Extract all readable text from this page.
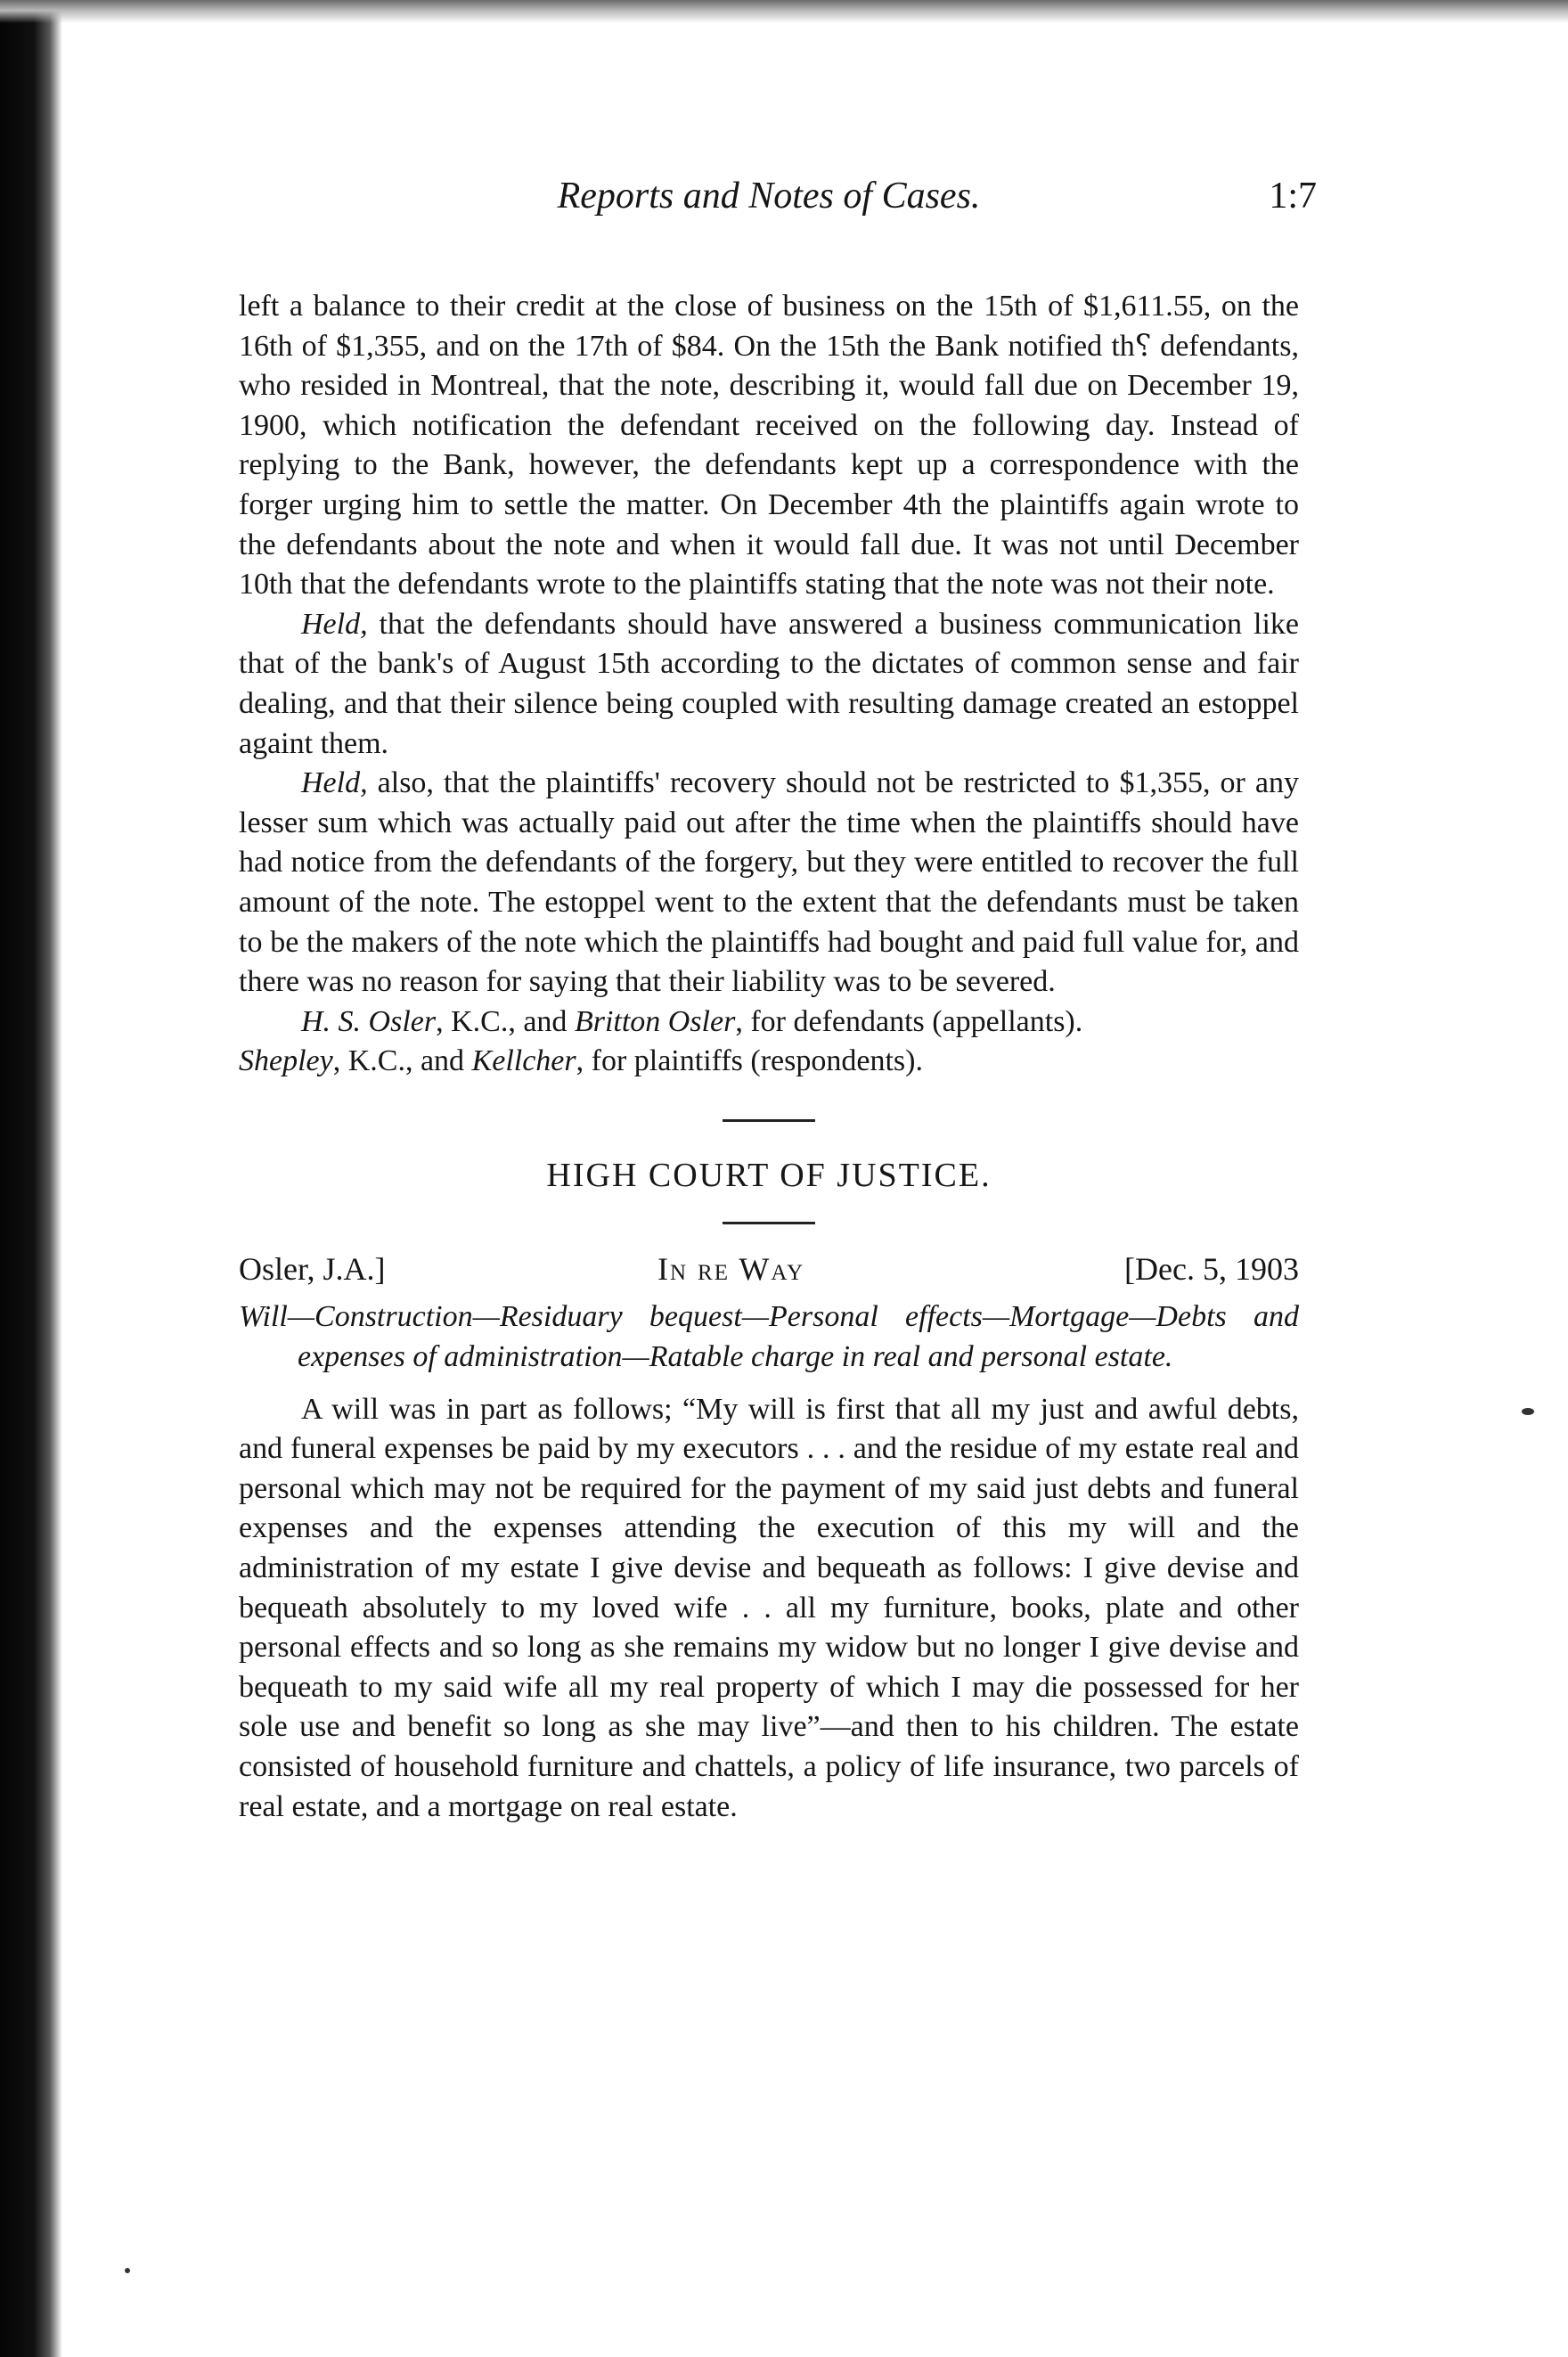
Reports and Notes of Cases.	1:7

left a balance to their credit at the close of business on the 15th of $1,611.55, on the 16th of $1,355, and on the 17th of $84. On the 15th the Bank notified th⸮ defendants, who resided in Montreal, that the note, describing it, would fall due on December 19, 1900, which notification the defendant received on the following day. Instead of replying to the Bank, however, the defendants kept up a correspondence with the forger urging him to settle the matter. On December 4th the plaintiffs again wrote to the defendants about the note and when it would fall due. It was not until December 10th that the defendants wrote to the plaintiffs stating that the note was not their note.

Held, that the defendants should have answered a business communication like that of the bank's of August 15th according to the dictates of common sense and fair dealing, and that their silence being coupled with resulting damage created an estoppel againt them.

Held, also, that the plaintiffs' recovery should not be restricted to $1,355, or any lesser sum which was actually paid out after the time when the plaintiffs should have had notice from the defendants of the forgery, but they were entitled to recover the full amount of the note. The estoppel went to the extent that the defendants must be taken to be the makers of the note which the plaintiffs had bought and paid full value for, and there was no reason for saying that their liability was to be severed.

H. S. Osler, K.C., and Britton Osler, for defendants (appellants).

Shepley, K.C., and Kellcher, for plaintiffs (respondents).

HIGH COURT OF JUSTICE.
Osler, J.A.]	In re Way	[Dec. 5, 1903

Will—Construction—Residuary bequest—Personal effects—Mortgage—Debts and expenses of administration—Ratable charge in real and personal estate.

A will was in part as follows; “My will is first that all my just and awful debts, and funeral expenses be paid by my executors . . . and the residue of my estate real and personal which may not be required for the payment of my said just debts and funeral expenses and the expenses attending the execution of this my will and the administration of my estate I give devise and bequeath as follows: I give devise and bequeath absolutely to my loved wife . . all my furniture, books, plate and other personal effects and so long as she remains my widow but no longer I give devise and bequeath to my said wife all my real property of which I may die possessed for her sole use and benefit so long as she may live”—and then to his children. The estate consisted of household furniture and chattels, a policy of life insurance, two parcels of real estate, and a mortgage on real estate.
